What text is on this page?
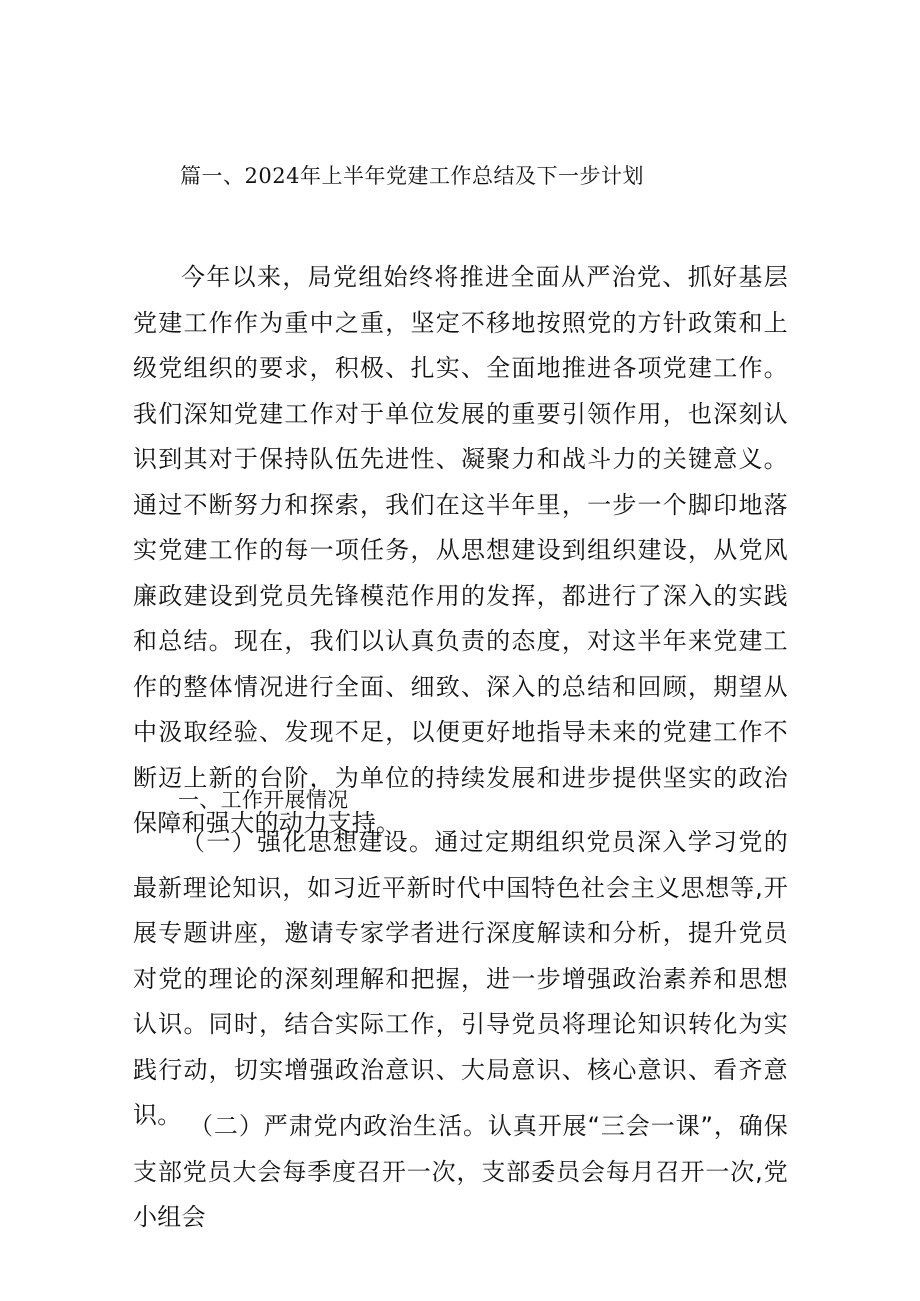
篇一、2024年上半年党建工作总结及下一步计划

今年以来，局党组始终将推进全面从严治党、抓好基层党建工作作为重中之重，坚定不移地按照党的方针政策和上级党组织的要求，积极、扎实、全面地推进各项党建工作。我们深知党建工作对于单位发展的重要引领作用，也深刻认识到其对于保持队伍先进性、凝聚力和战斗力的关键意义。通过不断努力和探索，我们在这半年里，一步一个脚印地落实党建工作的每一项任务，从思想建设到组织建设，从党风廉政建设到党员先锋模范作用的发挥，都进行了深入的实践和总结。现在，我们以认真负责的态度，对这半年来党建工作的整体情况进行全面、细致、深入的总结和回顾，期望从中汲取经验、发现不足，以便更好地指导未来的党建工作不断迈上新的台阶，为单位的持续发展和进步提供坚实的政治保障和强大的动力支持。

一、工作开展情况

（一）强化思想建设。通过定期组织党员深入学习党的最新理论知识，如习近平新时代中国特色社会主义思想等,开展专题讲座，邀请专家学者进行深度解读和分析，提升党员对党的理论的深刻理解和把握，进一步增强政治素养和思想认识。同时，结合实际工作，引导党员将理论知识转化为实践行动，切实增强政治意识、大局意识、核心意识、看齐意识。 （二）严肃党内政治生活。认真开展“三会一课”，确保支部党员大会每季度召开一次，支部委员会每月召开一次,党小组会
